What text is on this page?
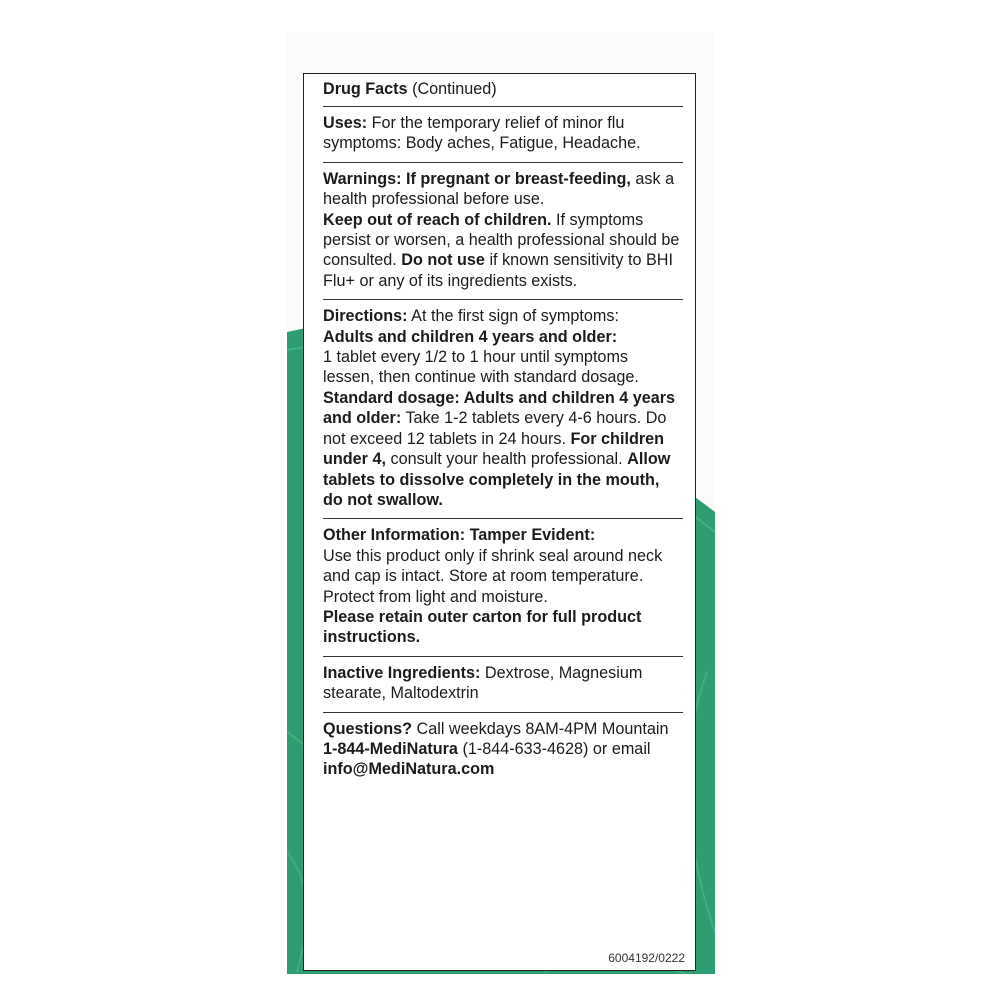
Drug Facts (Continued)

Uses: For the temporary relief of minor flu symptoms: Body aches, Fatigue, Headache.

Warnings: If pregnant or breast-feeding, ask a health professional before use.
Keep out of reach of children. If symptoms persist or worsen, a health professional should be consulted. Do not use if known sensitivity to BHI Flu+ or any of its ingredients exists.

Directions: At the first sign of symptoms:
Adults and children 4 years and older:
1 tablet every 1/2 to 1 hour until symptoms lessen, then continue with standard dosage.
Standard dosage: Adults and children 4 years and older: Take 1-2 tablets every 4-6 hours. Do not exceed 12 tablets in 24 hours. For children under 4, consult your health professional. Allow tablets to dissolve completely in the mouth, do not swallow.

Other Information: Tamper Evident:
Use this product only if shrink seal around neck and cap is intact. Store at room temperature. Protect from light and moisture.
Please retain outer carton for full product instructions.

Inactive Ingredients: Dextrose, Magnesium stearate, Maltodextrin

Questions? Call weekdays 8AM-4PM Mountain
1-844-MediNatura (1-844-633-4628) or email info@MediNatura.com

6004192/0222
